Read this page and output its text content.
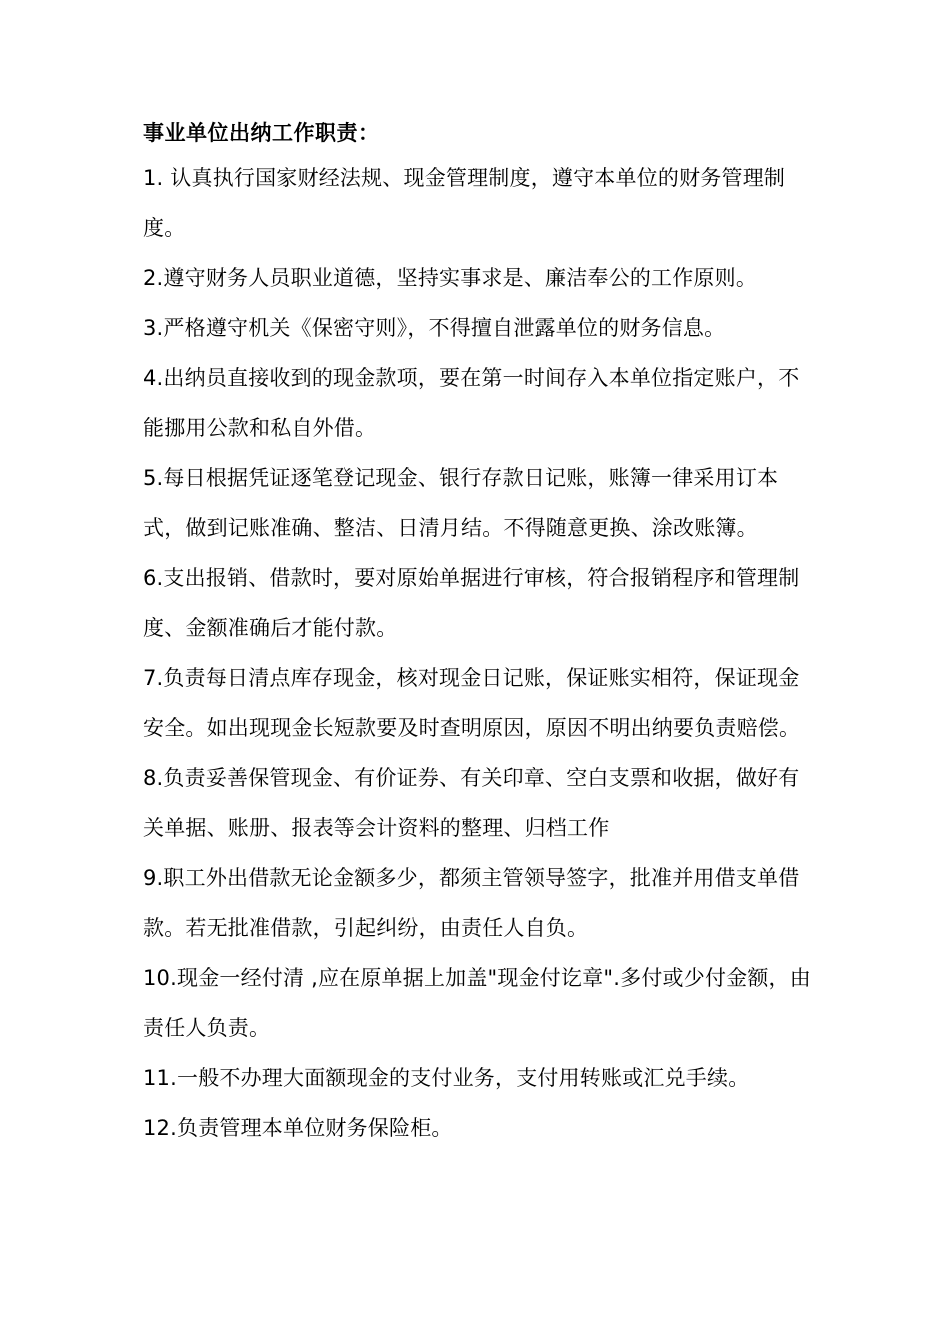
事业单位出纳工作职责：

1. 认真执行国家财经法规、现金管理制度，遵守本单位的财务管理制度。

2.遵守财务人员职业道德，坚持实事求是、廉洁奉公的工作原则。

3.严格遵守机关《保密守则》，不得擅自泄露单位的财务信息。

4.出纳员直接收到的现金款项，要在第一时间存入本单位指定账户，不能挪用公款和私自外借。

5.每日根据凭证逐笔登记现金、银行存款日记账，账簿一律采用订本式，做到记账准确、整洁、日清月结。不得随意更换、涂改账簿。

6.支出报销、借款时，要对原始单据进行审核，符合报销程序和管理制度、金额准确后才能付款。

7.负责每日清点库存现金，核对现金日记账，保证账实相符，保证现金安全。如出现现金长短款要及时查明原因，原因不明出纳要负责赔偿。

8.负责妥善保管现金、有价证券、有关印章、空白支票和收据，做好有关单据、账册、报表等会计资料的整理、归档工作

9.职工外出借款无论金额多少，都须主管领导签字，批准并用借支单借款。若无批准借款，引起纠纷，由责任人自负。

10.现金一经付清 ,应在原单据上加盖"现金付讫章".多付或少付金额，由责任人负责。

11.一般不办理大面额现金的支付业务，支付用转账或汇兑手续。

12.负责管理本单位财务保险柜。
